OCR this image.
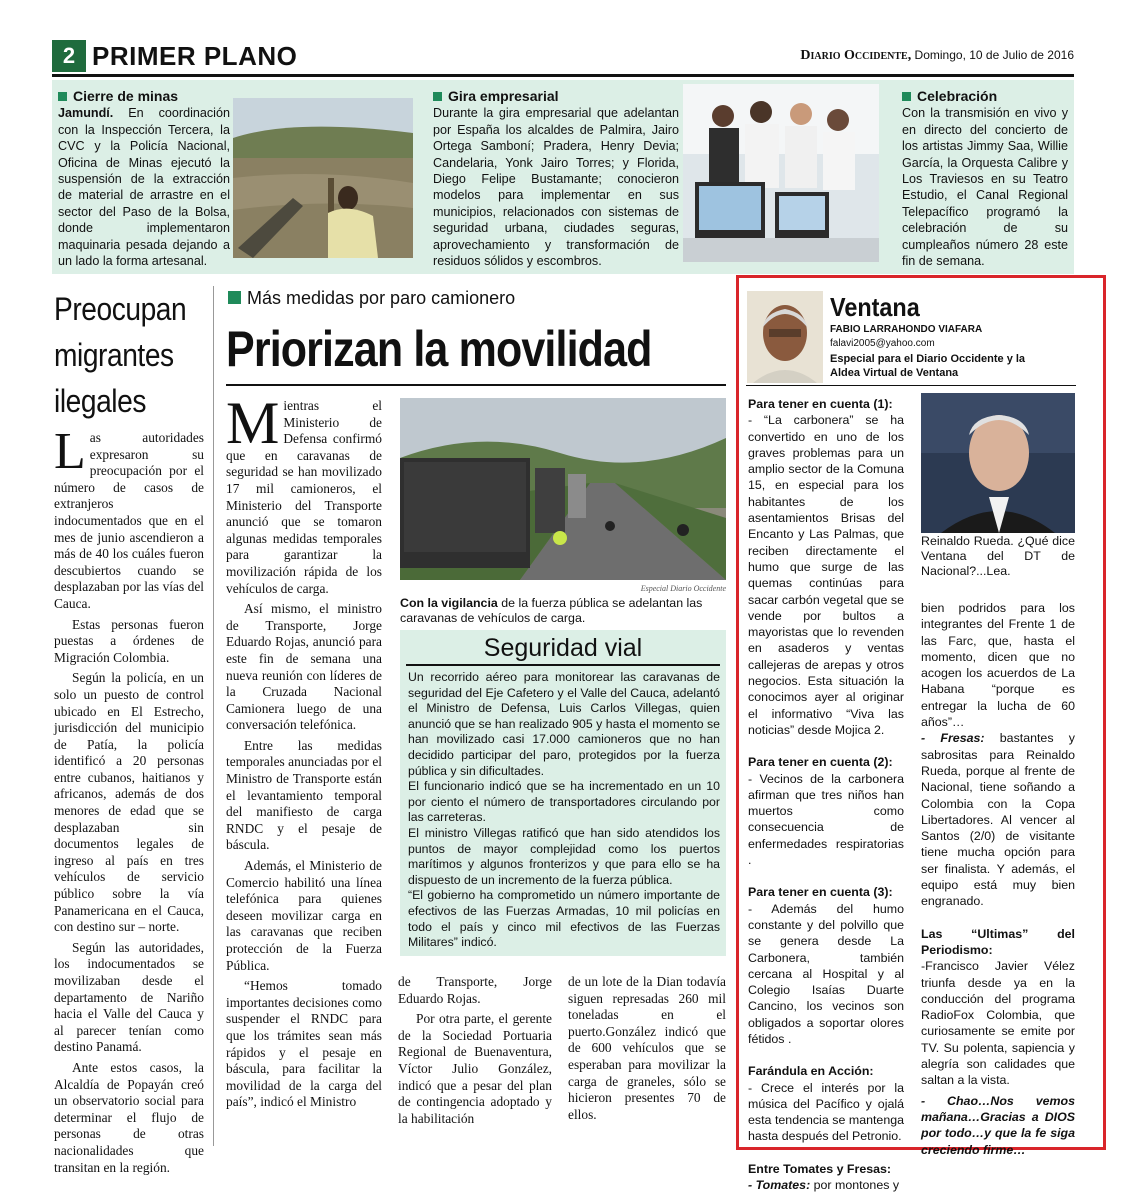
2 PRIMER PLANO	Diario Occidente, Domingo, 10 de Julio de 2016
Cierre de minas
Jamundí. En coordinación con la Inspección Tercera, la CVC y la Policía Nacional, Oficina de Minas ejecutó la suspensión de la extracción de material de arrastre en el sector del Paso de la Bolsa, donde implementaron maquinaria pesada dejando a un lado la forma artesanal.
Gira empresarial
Durante la gira empresarial que adelantan por España los alcaldes de Palmira, Jairo Ortega Samboní; Pradera, Henry Devia; Candelaria, Yonk Jairo Torres; y Florida, Diego Felipe Bustamante; conocieron modelos para implementar en sus municipios, relacionados con sistemas de seguridad urbana, ciudades seguras, aprovechamiento y transformación de residuos sólidos y escombros.
Celebración
Con la transmisión en vivo y en directo del concierto de los artistas Jimmy Saa, Willie García, la Orquesta Calibre y Los Traviesos en su Teatro Estudio, el Canal Regional Telepacífico programó la celebración de su cumpleaños número 28 este fin de semana.
Preocupan
migrantes
ilegales

Las autoridades expresaron su preocupación por el número de casos de extranjeros indocumentados que en el mes de junio ascendieron a más de 40 los cuáles fueron descubiertos cuando se desplazaban por las vías del Cauca.

Estas personas fueron puestas a órdenes de Migración Colombia.

Según la policía, en un solo un puesto de control ubicado en El Estrecho, jurisdicción del municipio de Patía, la policía identificó a 20 personas entre cubanos, haitianos y africanos, además de dos menores de edad que se desplazaban sin documentos legales de ingreso al país en tres vehículos de servicio público sobre la vía Panamericana en el Cauca, con destino sur – norte.

Según las autoridades, los indocumentados se movilizaban desde el departamento de Nariño hacia el Valle del Cauca y al parecer tenían como destino Panamá.

Ante estos casos, la Alcaldía de Popayán creó un observatorio social para determinar el flujo de personas de otras nacionalidades que transitan en la región.

Más medidas por paro camionero
Priorizan la movilidad

Mientras el Ministerio de Defensa confirmó que en caravanas de seguridad se han movilizado 17 mil camioneros, el Ministerio del Transporte anunció que se tomaron algunas medidas temporales para garantizar la movilización rápida de los vehículos de carga.

Así mismo, el ministro de Transporte, Jorge Eduardo Rojas, anunció para este fin de semana una nueva reunión con líderes de la Cruzada Nacional Camionera luego de una conversación telefónica.

Entre las medidas temporales anunciadas por el Ministro de Transporte están el levantamiento temporal del manifiesto de carga RNDC y el pesaje de báscula.

Además, el Ministerio de Comercio habilitó una línea telefónica para quienes deseen movilizar carga en las caravanas que reciben protección de la Fuerza Pública.

“Hemos tomado importantes decisiones como suspender el RNDC para que los trámites sean más rápidos y el pesaje en báscula, para facilitar la movilidad de la carga del país”, indicó el Ministro

Especial Diario Occidente
Con la vigilancia de la fuerza pública se adelantan las caravanas de vehículos de carga.
Seguridad vial

Un recorrido aéreo para monitorear las caravanas de seguridad del Eje Cafetero y el Valle del Cauca, adelantó el Ministro de Defensa, Luis Carlos Villegas, quien anunció que se han realizado 905 y hasta el momento se han movilizado casi 17.000 camioneros que no han decidido participar del paro, protegidos por la fuerza pública y sin dificultades.

El funcionario indicó que se ha incrementado en un 10 por ciento el número de transportadores circulando por las carreteras.

El ministro Villegas ratificó que han sido atendidos los puntos de mayor complejidad como los puertos marítimos y algunos fronterizos y que para ello se ha dispuesto de un incremento de la fuerza pública.

“El gobierno ha comprometido un número importante de efectivos de las Fuerzas Armadas, 10 mil policías en todo el país y cinco mil efectivos de las Fuerzas Militares” indicó.

de Transporte, Jorge Eduardo Rojas.

Por otra parte, el gerente de la Sociedad Portuaria Regional de Buenaventura, Víctor Julio González, indicó que a pesar del plan de contingencia adoptado y la habilitación

de un lote de la Dian todavía siguen represadas 260 mil toneladas en el puerto.González indicó que de 600 vehículos que se esperaban para movilizar la carga de graneles, sólo se hicieron presentes 70 de ellos.

Ventana
FABIO LARRAHONDO VIAFARA
falavi2005@yahoo.com
Especial para el Diario Occidente y la Aldea Virtual de Ventana
Reinaldo Rueda. ¿Qué dice Ventana del DT de Nacional?...Lea.
Para tener en cuenta (1):
- “La carbonera” se ha convertido en uno de los graves problemas para un amplio sector de la Comuna 15, en especial para los habitantes de los asentamientos Brisas del Encanto y Las Palmas, que reciben directamente el humo que surge de las quemas continúas para sacar carbón vegetal que se vende por bultos a mayoristas que lo revenden en asaderos y ventas callejeras de arepas y otros negocios. Esta situación la conocimos ayer al originar el informativo “Viva las noticias” desde Mojica 2.
Para tener en cuenta (2):
- Vecinos de la carbonera afirman que tres niños han muertos como consecuencia de enfermedades respiratorias .
Para tener en cuenta (3):
- Además del humo constante y del polvillo que se genera desde La Carbonera, también cercana al Hospital y al Colegio Isaías Duarte Cancino, los vecinos son obligados a soportar olores fétidos .
Farándula en Acción:
- Crece el interés por la música del Pacífico y ojalá esta tendencia se mantenga hasta después del Petronio.
Entre Tomates y Fresas:
- Tomates: por montones y
bien podridos para los integrantes del Frente 1 de las Farc, que, hasta el momento, dicen que no acogen los acuerdos de La Habana “porque es entregar la lucha de 60 años”…
- Fresas: bastantes y sabrositas para Reinaldo Rueda, porque al frente de Nacional, tiene soñando a Colombia con la Copa Libertadores. Al vencer al Santos (2/0) de visitante tiene mucha opción para ser finalista. Y además, el equipo está muy bien engranado.
Las “Ultimas” del Periodismo:
-Francisco Javier Vélez triunfa desde ya en la conducción del programa RadioFox Colombia, que curiosamente se emite por TV. Su polenta, sapiencia y alegría son calidades que saltan a la vista.
- Chao…Nos vemos mañana…Gracias a DIOS por todo…y que la fe siga creciendo firme…
